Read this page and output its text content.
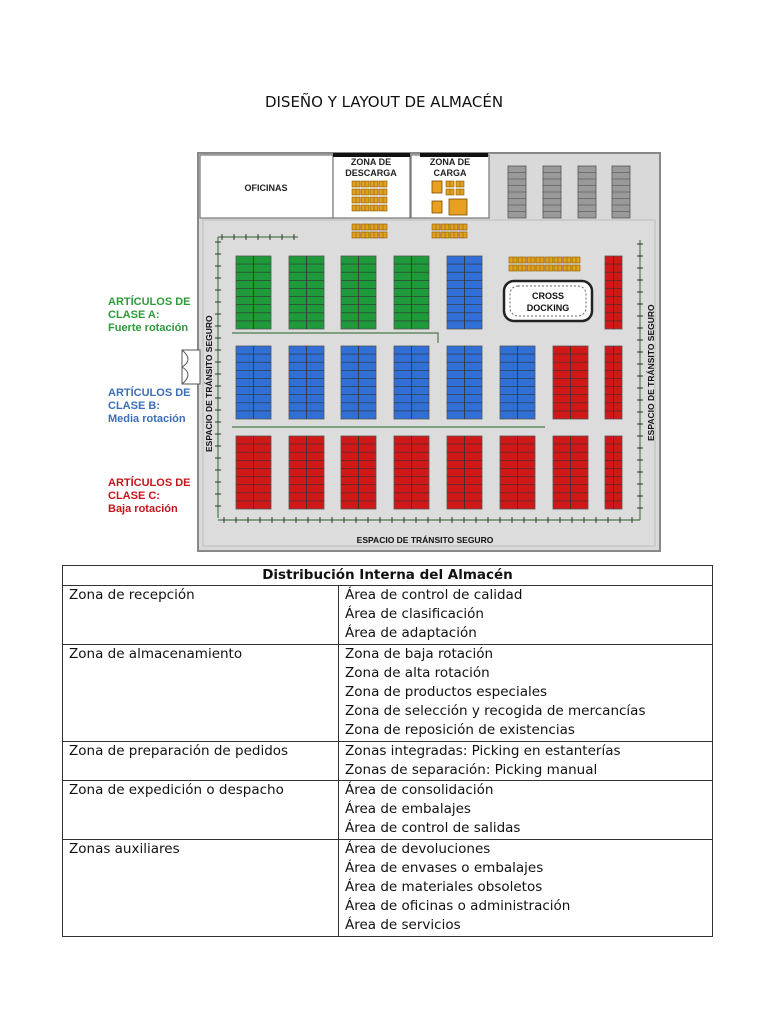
DISEÑO Y LAYOUT DE ALMACÉN
ARTÍCULOS DE
CLASE A:
Fuerte rotación
ARTÍCULOS DE
CLASE B:
Media rotación
ARTÍCULOS DE
CLASE C:
Baja rotación
OFICINAS
ZONA DE
DESCARGA
ZONA DE
CARGA
CROSS
DOCKING
ESPACIO DE TRÁNSITO SEGURO	ESPACIO DE TRÁNSITO SEGURO
ESPACIO DE TRÁNSITO SEGURO
Distribución Interna del Almacén	
Zona de recepción	Área de control de calidad
Área de clasificación
Área de adaptación

Zona de almacenamiento	Zona de baja rotación
Zona de alta rotación
Zona de productos especiales
Zona de selección y recogida de mercancías
Zona de reposición de existencias

Zona de preparación de pedidos	Zonas integradas: Picking en estanterías
Zonas de separación: Picking manual

Zona de expedición o despacho	Área de consolidación
Área de embalajes
Área de control de salidas

Zonas auxiliares	Área de devoluciones
Área de envases o embalajes
Área de materiales obsoletos
Área de oficinas o administración
Área de servicios
